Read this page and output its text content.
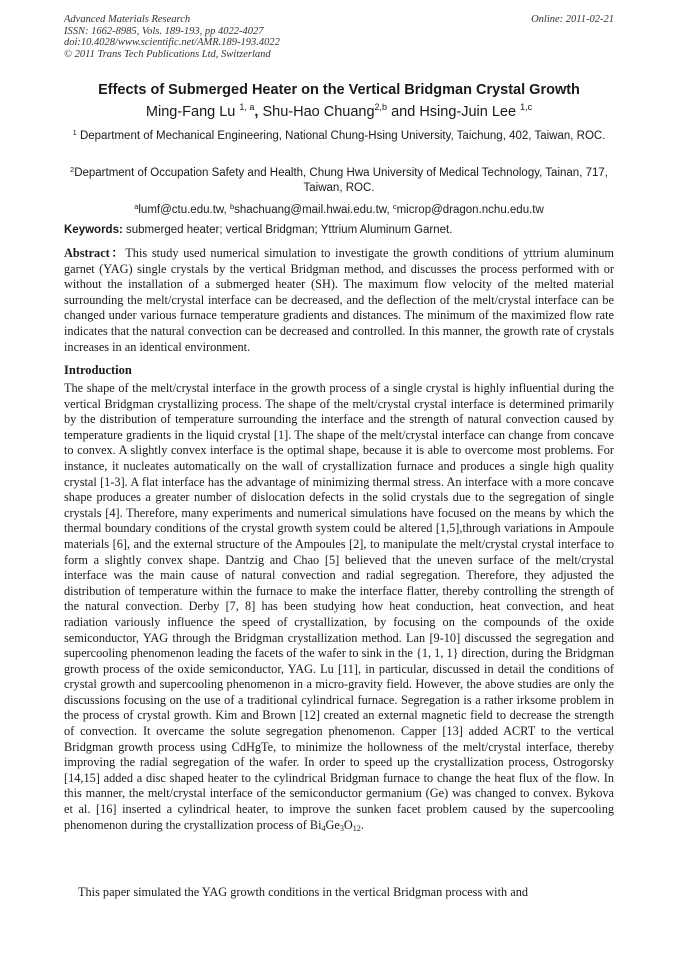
Advanced Materials Research
ISSN: 1662-8985, Vols. 189-193, pp 4022-4027
doi:10.4028/www.scientific.net/AMR.189-193.4022
© 2011 Trans Tech Publications Ltd, Switzerland
Online: 2011-02-21
Effects of Submerged Heater on the Vertical Bridgman Crystal Growth
Ming-Fang Lu $^{1, a}$, Shu-Hao Chuang$^{2,b}$ and Hsing-Juin Lee $^{1,c}$
$^1$ Department of Mechanical Engineering, National Chung-Hsing University, Taichung, 402, Taiwan, ROC.
$^2$Department of Occupation Safety and Health, Chung Hwa University of Medical Technology, Tainan, 717, Taiwan, ROC.
$^a$lumf@ctu.edu.tw, $^b$shachuang@mail.hwai.edu.tw, $^c$microp@dragon.nchu.edu.tw
Keywords: submerged heater; vertical Bridgman; Yttrium Aluminum Garnet.
Abstract：This study used numerical simulation to investigate the growth conditions of yttrium aluminum garnet (YAG) single crystals by the vertical Bridgman method, and discusses the process performed with or without the installation of a submerged heater (SH). The maximum flow velocity of the melted material surrounding the melt/crystal interface can be decreased, and the deflection of the melt/crystal interface can be changed under various furnace temperature gradients and distances. The minimum of the maximized flow rate indicates that the natural convection can be decreased and controlled. In this manner, the growth rate of crystals increases in an identical environment.
Introduction
The shape of the melt/crystal interface in the growth process of a single crystal is highly influential during the vertical Bridgman crystallizing process. The shape of the melt/crystal crystal interface is determined primarily by the distribution of temperature surrounding the interface and the strength of natural convection caused by temperature gradients in the liquid crystal [1]. The shape of the melt/crystal interface can change from concave to convex. A slightly convex interface is the optimal shape, because it is able to overcome most problems. For instance, it nucleates automatically on the wall of crystallization furnace and produces a single high quality crystal [1-3]. A flat interface has the advantage of minimizing thermal stress. An interface with a more concave shape produces a greater number of dislocation defects in the solid crystals due to the segregation of single crystals [4]. Therefore, many experiments and numerical simulations have focused on the means by which the thermal boundary conditions of the crystal growth system could be altered [1,5],through variations in Ampoule materials [6], and the external structure of the Ampoules [2], to manipulate the melt/crystal crystal interface to form a slightly convex shape. Dantzig and Chao [5] believed that the uneven surface of the melt/crystal interface was the main cause of natural convection and radial segregation. Therefore, they adjusted the distribution of temperature within the furnace to make the interface flatter, thereby controlling the strength of the natural convection. Derby [7, 8] has been studying how heat conduction, heat convection, and heat radiation variously influence the speed of crystallization, by focusing on the compounds of the oxide semiconductor, YAG through the Bridgman crystallization method. Lan [9-10] discussed the segregation and supercooling phenomenon leading the facets of the wafer to sink in the {1, 1, 1} direction, during the Bridgman growth process of the oxide semiconductor, YAG. Lu [11], in particular, discussed in detail the conditions of crystal growth and supercooling phenomenon in a micro-gravity field. However, the above studies are only the discussions focusing on the use of a traditional cylindrical furnace. Segregation is a rather irksome problem in the process of crystal growth. Kim and Brown [12] created an external magnetic field to decrease the strength of convection. It overcame the solute segregation phenomenon. Capper [13] added ACRT to the vertical Bridgman growth process using CdHgTe, to minimize the hollowness of the melt/crystal interface, thereby improving the radial segregation of the wafer. In order to speed up the crystallization process, Ostrogorsky [14,15] added a disc shaped heater to the cylindrical Bridgman furnace to change the heat flux of the flow. In this manner, the melt/crystal interface of the semiconductor germanium (Ge) was changed to convex. Bykova et al. [16] inserted a cylindrical heater, to improve the sunken facet problem caused by the supercooling phenomenon during the crystallization process of $Bi_4Ge_3O_{12}$.
This paper simulated the YAG growth conditions in the vertical Bridgman process with and
